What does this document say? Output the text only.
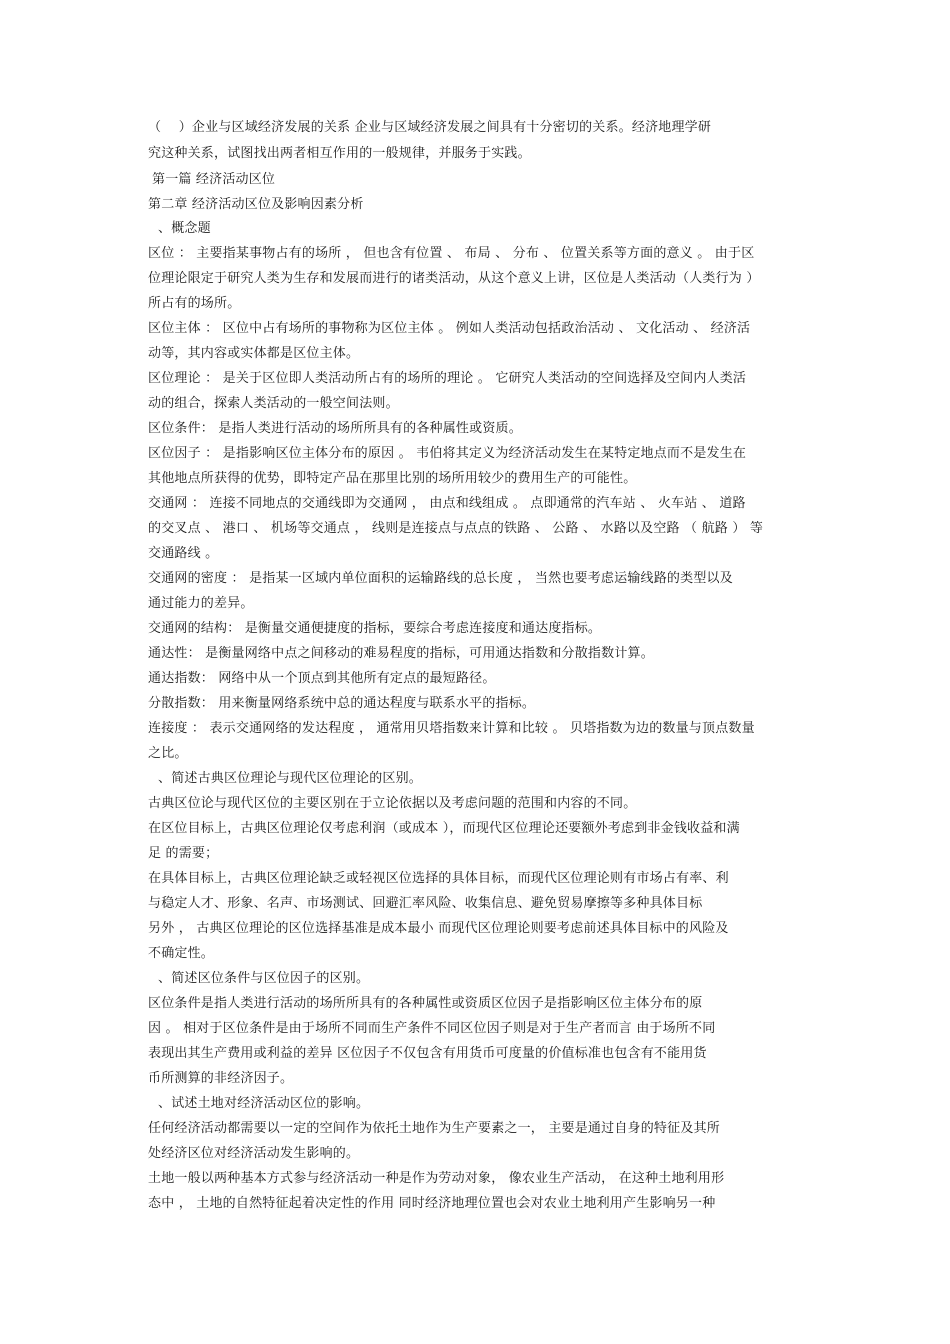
（　 ）企业与区域经济发展的关系 企业与区域经济发展之间具有十分密切的关系。经济地理学研
究这种关系，试图找出两者相互作用的一般规律，并服务于实践。
第一篇 经济活动区位
第二章 经济活动区位及影响因素分析
、概念题
区位 ： 主要指某事物占有的场所 ， 但也含有位置 、 布局 、 分布 、 位置关系等方面的意义 。 由于区
位理论限定于研究人类为生存和发展而进行的诸类活动，从这个意义上讲，区位是人类活动（人类行为 ）
所占有的场所。
区位主体 ： 区位中占有场所的事物称为区位主体 。 例如人类活动包括政治活动 、 文化活动 、 经济活
动等，其内容或实体都是区位主体。
区位理论 ： 是关于区位即人类活动所占有的场所的理论 。 它研究人类活动的空间选择及空间内人类活
动的组合，探索人类活动的一般空间法则。
区位条件： 是指人类进行活动的场所所具有的各种属性或资质。
区位因子 ： 是指影响区位主体分布的原因 。 韦伯将其定义为经济活动发生在某特定地点而不是发生在
其他地点所获得的优势，即特定产品在那里比别的场所用较少的费用生产的可能性。
交通网 ： 连接不同地点的交通线即为交通网 ， 由点和线组成 。 点即通常的汽车站 、 火车站 、 道路
的交叉点 、 港口 、 机场等交通点 ， 线则是连接点与点点的铁路 、 公路 、 水路以及空路 （ 航路 ） 等
交通路线 。
交通网的密度 ： 是指某一区域内单位面积的运输路线的总长度 ， 当然也要考虑运输线路的类型以及
通过能力的差异。
交通网的结构： 是衡量交通便捷度的指标，要综合考虑连接度和通达度指标。
通达性： 是衡量网络中点之间移动的难易程度的指标，可用通达指数和分散指数计算。
通达指数： 网络中从一个顶点到其他所有定点的最短路径。
分散指数： 用来衡量网络系统中总的通达程度与联系水平的指标。
连接度 ： 表示交通网络的发达程度 ， 通常用贝塔指数来计算和比较 。 贝塔指数为边的数量与顶点数量
之比。
、简述古典区位理论与现代区位理论的区别。
古典区位论与现代区位的主要区别在于立论依据以及考虑问题的范围和内容的不同。
在区位目标上，古典区位理论仅考虑利润（或成本 ），而现代区位理论还要额外考虑到非金钱收益和满
足 的需要；
在具体目标上，古典区位理论缺乏或轻视区位选择的具体目标，而现代区位理论则有市场占有率、利
与稳定人才、形象、名声、市场测试、回避汇率风险、收集信息、避免贸易摩擦等多种具体目标
另外 ， 古典区位理论的区位选择基准是成本最小 而现代区位理论则要考虑前述具体目标中的风险及
不确定性。
、简述区位条件与区位因子的区别。
区位条件是指人类进行活动的场所所具有的各种属性或资质区位因子是指影响区位主体分布的原
因 。 相对于区位条件是由于场所不同而生产条件不同区位因子则是对于生产者而言 由于场所不同
表现出其生产费用或利益的差异 区位因子不仅包含有用货币可度量的价值标准也包含有不能用货
币所测算的非经济因子。
、试述土地对经济活动区位的影响。
任何经济活动都需要以一定的空间作为依托土地作为生产要素之一， 主要是通过自身的特征及其所
处经济区位对经济活动发生影响的。
土地一般以两种基本方式参与经济活动一种是作为劳动对象， 像农业生产活动， 在这种土地利用形
态中 ， 土地的自然特征起着决定性的作用 同时经济地理位置也会对农业土地利用产生影响另一种
